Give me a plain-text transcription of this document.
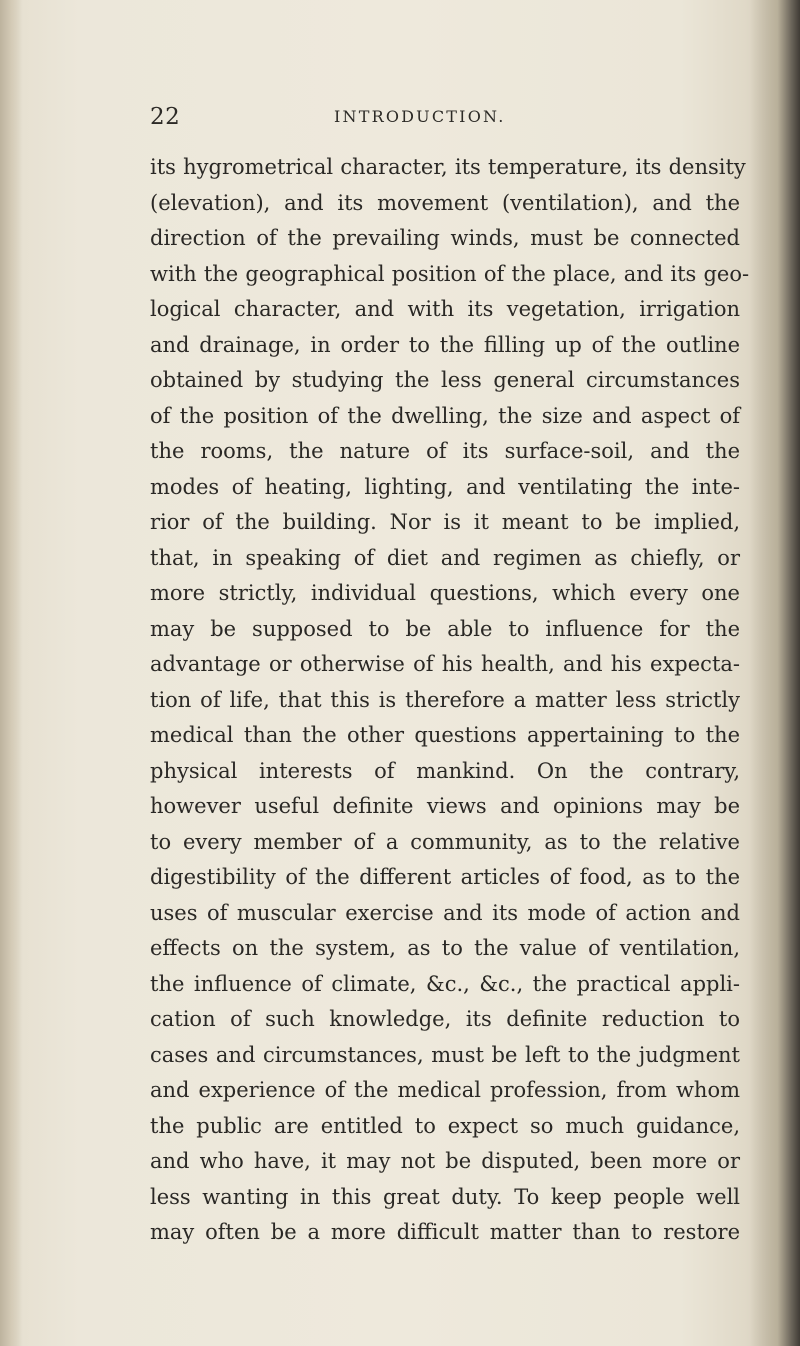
22	INTRODUCTION.
its hygrometrical character, its temperature, its density
(elevation), and its movement (ventilation), and the
direction of the prevailing winds, must be connected
with the geographical position of the place, and its geo-
logical character, and with its vegetation, irrigation
and drainage, in order to the filling up of the outline
obtained by studying the less general circumstances
of the position of the dwelling, the size and aspect of
the rooms, the nature of its surface-soil, and the
modes of heating, lighting, and ventilating the inte-
rior of the building. Nor is it meant to be implied,
that, in speaking of diet and regimen as chiefly, or
more strictly, individual questions, which every one
may be supposed to be able to influence for the
advantage or otherwise of his health, and his expecta-
tion of life, that this is therefore a matter less strictly
medical than the other questions appertaining to the
physical interests of mankind. On the contrary,
however useful definite views and opinions may be
to every member of a community, as to the relative
digestibility of the different articles of food, as to the
uses of muscular exercise and its mode of action and
effects on the system, as to the value of ventilation,
the influence of climate, &c., &c., the practical appli-
cation of such knowledge, its definite reduction to
cases and circumstances, must be left to the judgment
and experience of the medical profession, from whom
the public are entitled to expect so much guidance,
and who have, it may not be disputed, been more or
less wanting in this great duty. To keep people well
may often be a more difficult matter than to restore
